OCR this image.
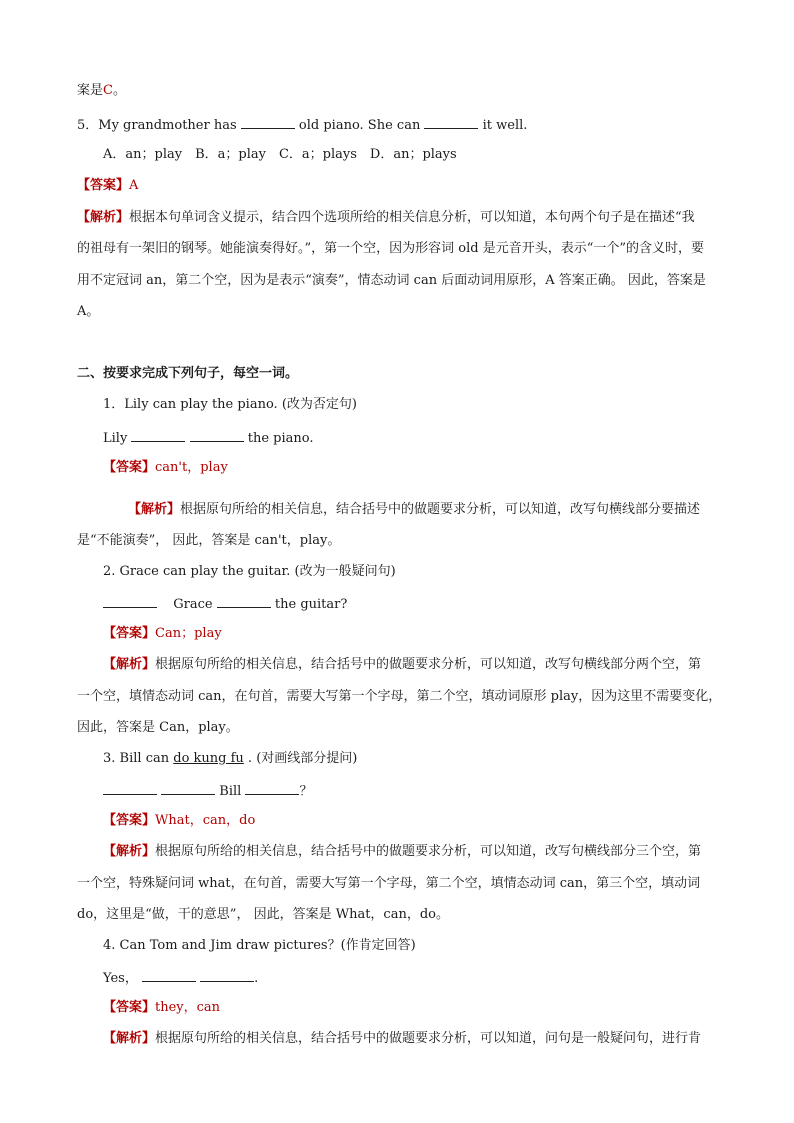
案是C。
5．My grandmother has	old piano. She can	it well.
A．an；play　B．a；play　C．a；plays　D．an；plays
【答案】A
【解析】根据本句单词含义提示，结合四个选项所给的相关信息分析，可以知道，本句两个句子是在描述“我
的祖母有一架旧的钢琴。她能演奏得好。”，第一个空，因为形容词 old 是元音开头，表示“一个”的含义时，要
用不定冠词 an，第二个空，因为是表示“演奏”，情态动词 can 后面动词用原形，A 答案正确。 因此，答案是
A。
二、按要求完成下列句子，每空一词。
1．Lily can play the piano. (改为否定句)
Lily	the piano.
【答案】can't，play
【解析】根据原句所给的相关信息，结合括号中的做题要求分析，可以知道，改写句横线部分要描述
是“不能演奏”， 因此，答案是 can't，play。
2. Grace can play the guitar. (改为一般疑问句)
Grace	the guitar?
【答案】Can；play
【解析】根据原句所给的相关信息，结合括号中的做题要求分析，可以知道，改写句横线部分两个空，第
一个空，填情态动词 can，在句首，需要大写第一个字母，第二个空，填动词原形 play，因为这里不需要变化，
因此，答案是 Can，play。
3. Bill can do kung fu . (对画线部分提问)
Bill	？
【答案】What，can，do
【解析】根据原句所给的相关信息，结合括号中的做题要求分析，可以知道，改写句横线部分三个空，第
一个空，特殊疑问词 what，在句首，需要大写第一个字母，第二个空，填情态动词 can，第三个空，填动词
do，这里是“做，干的意思”， 因此，答案是 What，can，do。
4. Can Tom and Jim draw pictures？(作肯定回答)
Yes，	.
【答案】they，can
【解析】根据原句所给的相关信息，结合括号中的做题要求分析，可以知道，问句是一般疑问句，进行肯
